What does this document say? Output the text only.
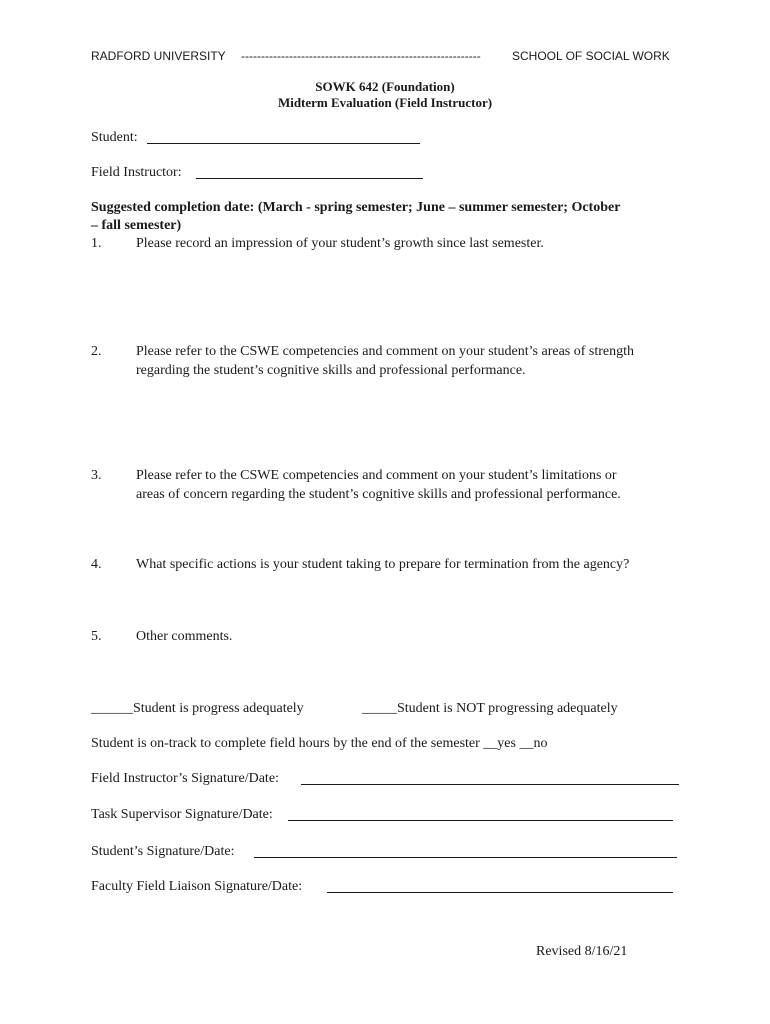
RADFORD UNIVERSITY ------------------------------------------------------------	SCHOOL OF SOCIAL WORK
SOWK 642 (Foundation)
Midterm Evaluation (Field Instructor)
Student:
Field Instructor:
Suggested completion date: (March - spring semester; June – summer semester; October
– fall semester)
1. Please record an impression of your student’s growth since last semester.
2. Please refer to the CSWE competencies and comment on your student’s areas of strength
regarding the student’s cognitive skills and professional performance.
3. Please refer to the CSWE competencies and comment on your student’s limitations or
areas of concern regarding the student’s cognitive skills and professional performance.
4. What specific actions is your student taking to prepare for termination from the agency?
5. Other comments.
______Student is progress adequately	_____Student is NOT progressing adequately
Student is on-track to complete field hours by the end of the semester __yes __no
Field Instructor’s Signature/Date:
Task Supervisor Signature/Date:
Student’s Signature/Date:
Faculty Field Liaison Signature/Date:
Revised 8/16/21
